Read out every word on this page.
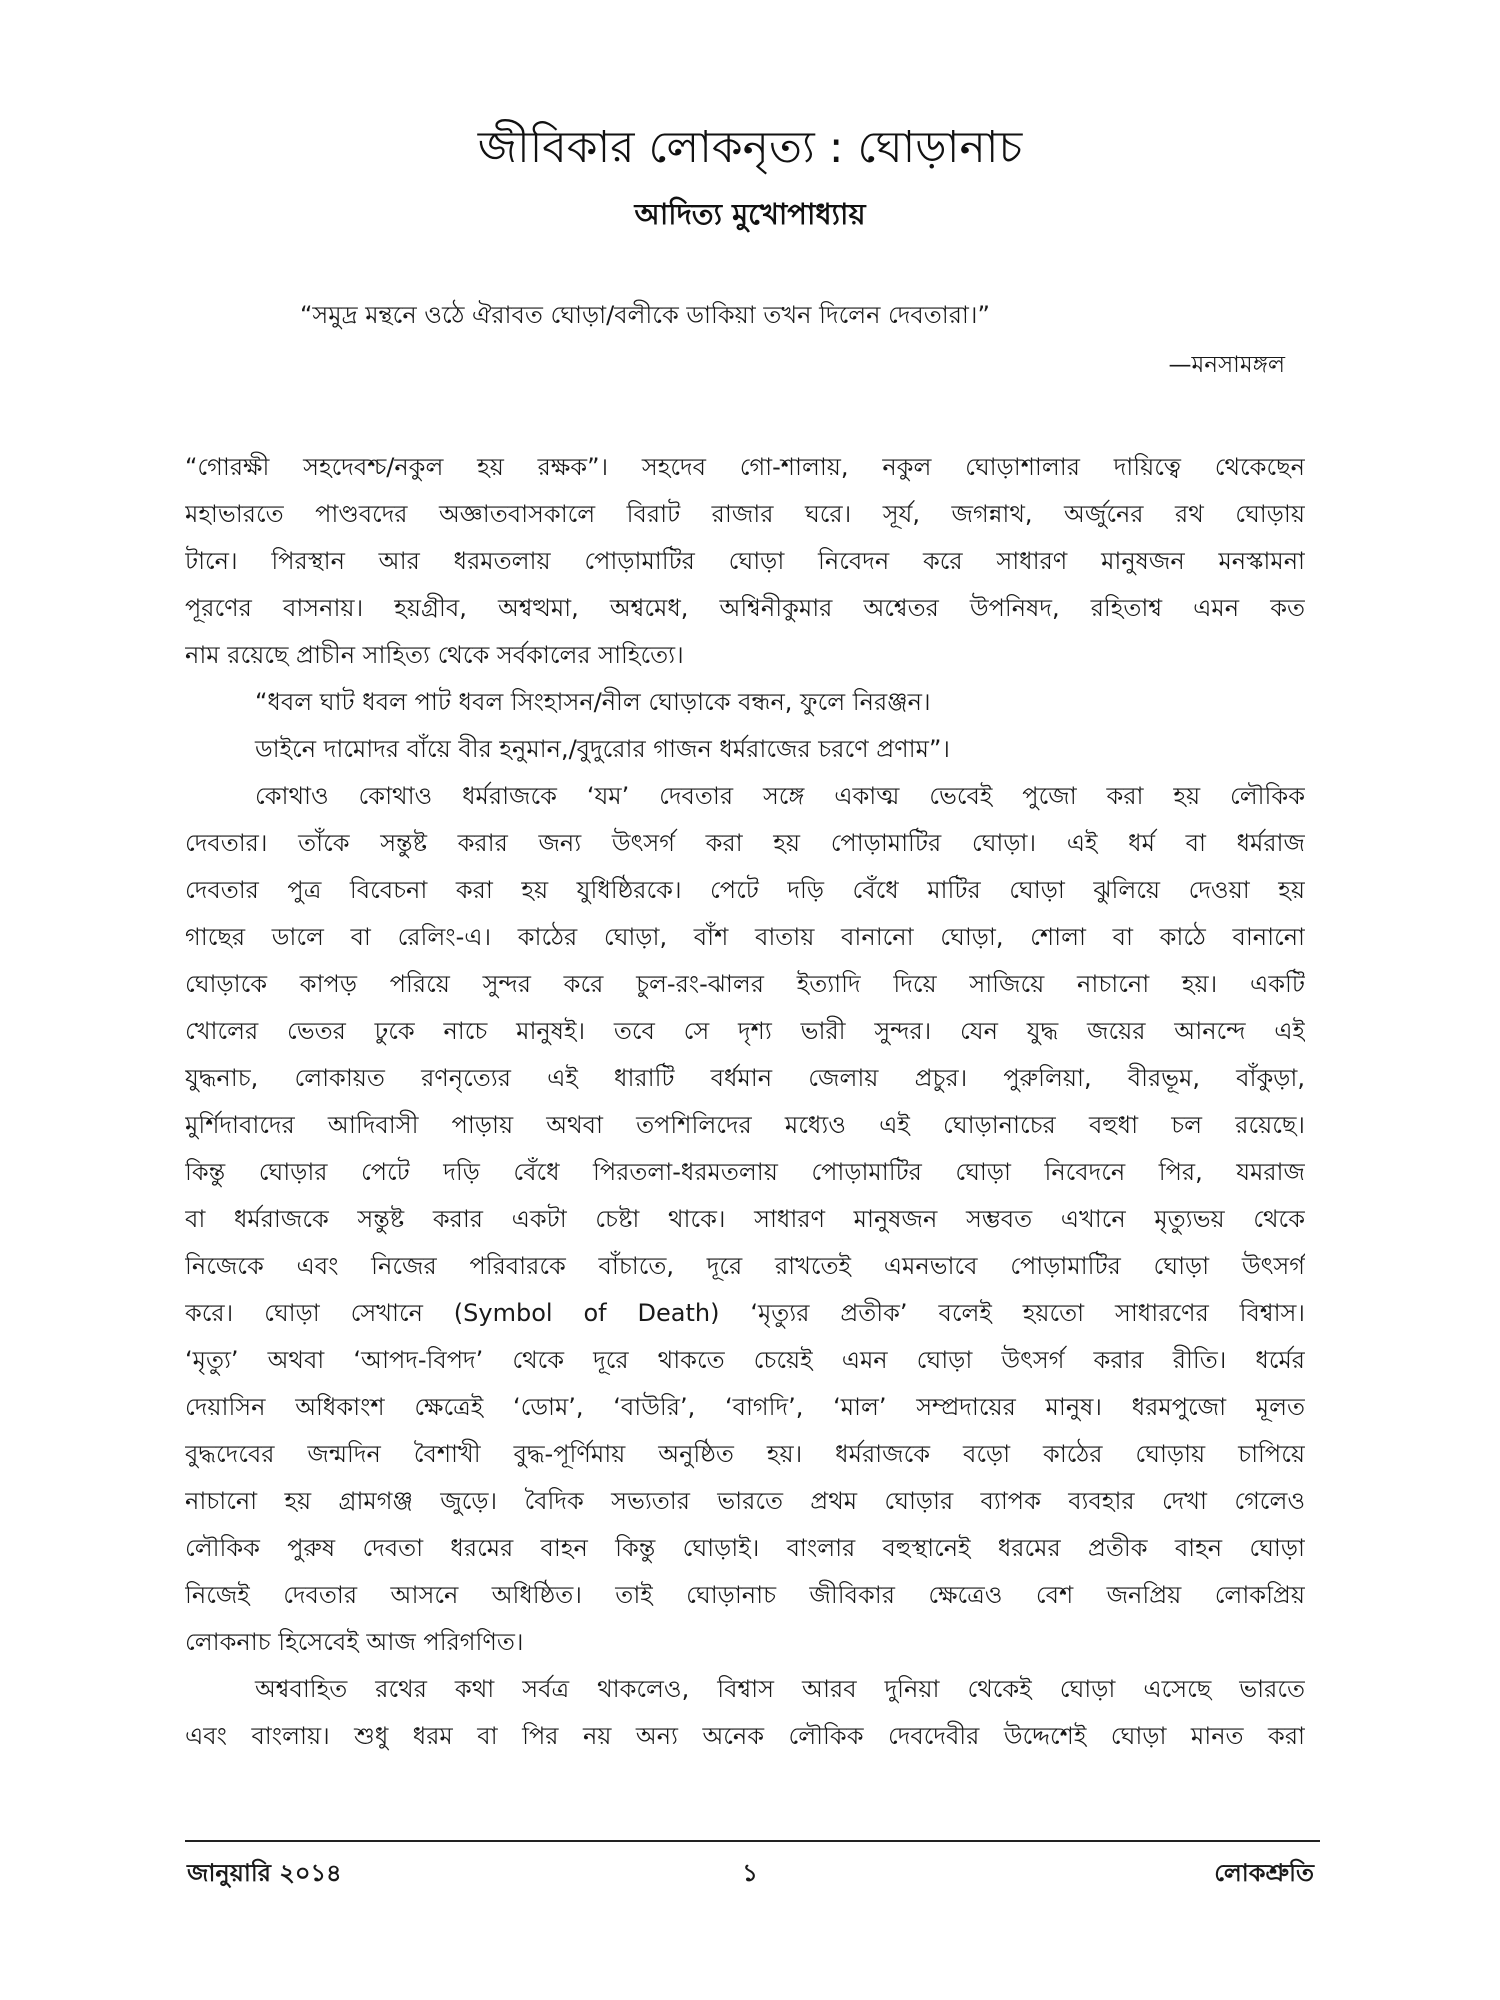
জীবিকার লোকনৃত্য : ঘোড়ানাচ
আদিত্য মুখোপাধ্যায়
“সমুদ্র মন্থনে ওঠে ঐরাবত ঘোড়া/বলীকে ডাকিয়া তখন দিলেন দেবতারা।”
—মনসামঙ্গল
“গোরক্ষী সহদেবশ্চ/নকুল হয় রক্ষক”। সহদেব গো-শালায়, নকুল ঘোড়াশালার দায়িত্বে থেকেছেন
মহাভারতে পাণ্ডবদের অজ্ঞাতবাসকালে বিরাট রাজার ঘরে। সূর্য, জগন্নাথ, অর্জুনের রথ ঘোড়ায়
টানে। পিরস্থান আর ধরমতলায় পোড়ামাটির ঘোড়া নিবেদন করে সাধারণ মানুষজন মনস্কামনা
পূরণের বাসনায়। হয়গ্রীব, অশ্বত্থমা, অশ্বমেধ, অশ্বিনীকুমার অশ্বেতর উপনিষদ, রহিতাশ্ব এমন কত
নাম রয়েছে প্রাচীন সাহিত্য থেকে সর্বকালের সাহিত্যে।
“ধবল ঘাট ধবল পাট ধবল সিংহাসন/নীল ঘোড়াকে বন্ধন, ফুলে নিরঞ্জন।
ডাইনে দামোদর বাঁয়ে বীর হনুমান,/বুদুরোর গাজন ধর্মরাজের চরণে প্রণাম”।
কোথাও কোথাও ধর্মরাজকে ‘যম’ দেবতার সঙ্গে একাত্ম ভেবেই পুজো করা হয় লৌকিক
দেবতার। তাঁকে সন্তুষ্ট করার জন্য উৎসর্গ করা হয় পোড়ামাটির ঘোড়া। এই ধর্ম বা ধর্মরাজ
দেবতার পুত্র বিবেচনা করা হয় যুধিষ্ঠিরকে। পেটে দড়ি বেঁধে মাটির ঘোড়া ঝুলিয়ে দেওয়া হয়
গাছের ডালে বা রেলিং-এ। কাঠের ঘোড়া, বাঁশ বাতায় বানানো ঘোড়া, শোলা বা কাঠে বানানো
ঘোড়াকে কাপড় পরিয়ে সুন্দর করে চুল-রং-ঝালর ইত্যাদি দিয়ে সাজিয়ে নাচানো হয়। একটি
খোলের ভেতর ঢুকে নাচে মানুষই। তবে সে দৃশ্য ভারী সুন্দর। যেন যুদ্ধ জয়ের আনন্দে এই
যুদ্ধনাচ, লোকায়ত রণনৃত্যের এই ধারাটি বর্ধমান জেলায় প্রচুর। পুরুলিয়া, বীরভূম, বাঁকুড়া,
মুর্শিদাবাদের আদিবাসী পাড়ায় অথবা তপশিলিদের মধ্যেও এই ঘোড়ানাচের বহুধা চল রয়েছে।
কিন্তু ঘোড়ার পেটে দড়ি বেঁধে পিরতলা-ধরমতলায় পোড়ামাটির ঘোড়া নিবেদনে পির, যমরাজ
বা ধর্মরাজকে সন্তুষ্ট করার একটা চেষ্টা থাকে। সাধারণ মানুষজন সম্ভবত এখানে মৃত্যুভয় থেকে
নিজেকে এবং নিজের পরিবারকে বাঁচাতে, দূরে রাখতেই এমনভাবে পোড়ামাটির ঘোড়া উৎসর্গ
করে। ঘোড়া সেখানে (Symbol of Death) ‘মৃত্যুর প্রতীক’ বলেই হয়তো সাধারণের বিশ্বাস।
‘মৃত্যু’ অথবা ‘আপদ-বিপদ’ থেকে দূরে থাকতে চেয়েই এমন ঘোড়া উৎসর্গ করার রীতি। ধর্মের
দেয়াসিন অধিকাংশ ক্ষেত্রেই ‘ডোম’, ‘বাউরি’, ‘বাগদি’, ‘মাল’ সম্প্রদায়ের মানুষ। ধরমপুজো মূলত
বুদ্ধদেবের জন্মদিন বৈশাখী বুদ্ধ-পূর্ণিমায় অনুষ্ঠিত হয়। ধর্মরাজকে বড়ো কাঠের ঘোড়ায় চাপিয়ে
নাচানো হয় গ্রামগঞ্জ জুড়ে। বৈদিক সভ্যতার ভারতে প্রথম ঘোড়ার ব্যাপক ব্যবহার দেখা গেলেও
লৌকিক পুরুষ দেবতা ধরমের বাহন কিন্তু ঘোড়াই। বাংলার বহুস্থানেই ধরমের প্রতীক বাহন ঘোড়া
নিজেই দেবতার আসনে অধিষ্ঠিত। তাই ঘোড়ানাচ জীবিকার ক্ষেত্রেও বেশ জনপ্রিয় লোকপ্রিয়
লোকনাচ হিসেবেই আজ পরিগণিত।
অশ্ববাহিত রথের কথা সর্বত্র থাকলেও, বিশ্বাস আরব দুনিয়া থেকেই ঘোড়া এসেছে ভারতে
এবং বাংলায়। শুধু ধরম বা পির নয় অন্য অনেক লৌকিক দেবদেবীর উদ্দেশেই ঘোড়া মানত করা
জানুয়ারি ২০১৪	১	লোকশ্রুতি
